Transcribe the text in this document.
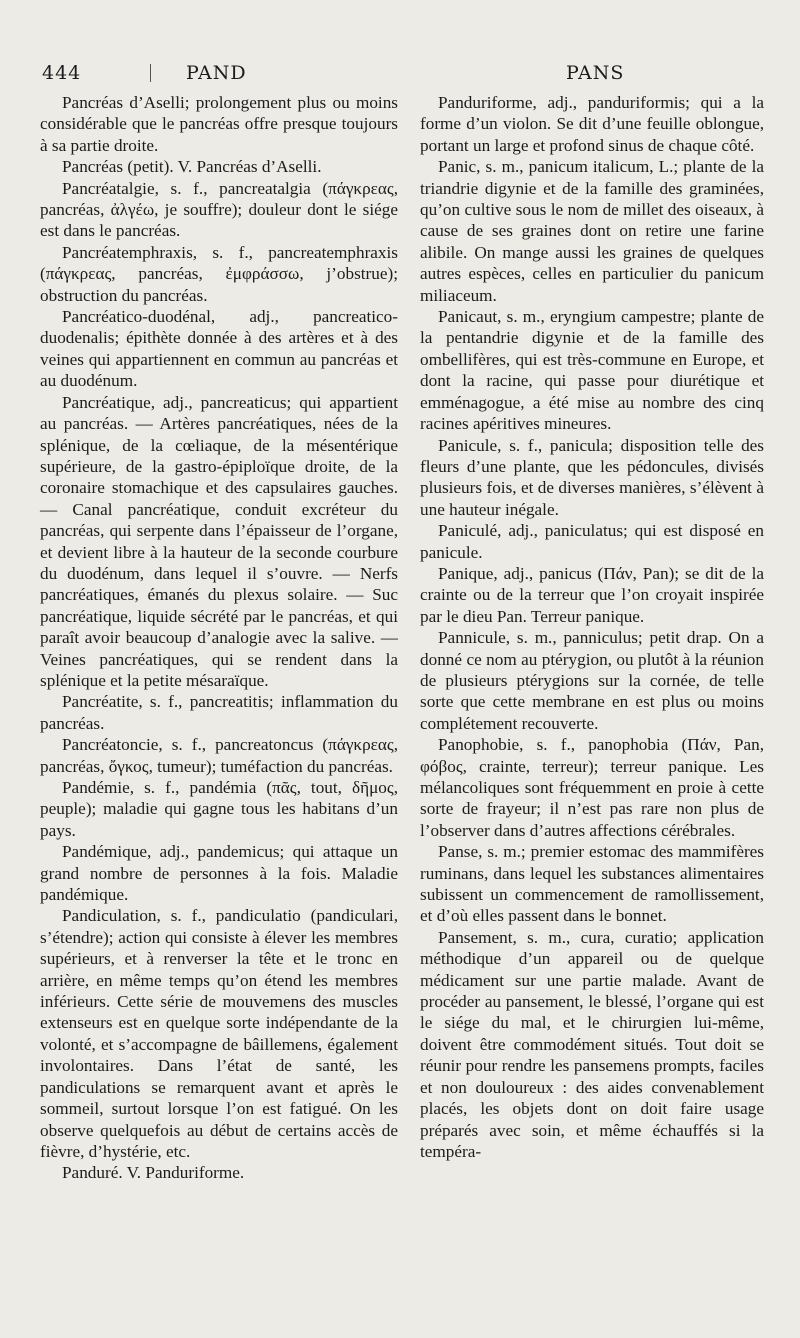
444	PAND	PANS

Pancréas d’Aselli; prolongement plus ou moins considérable que le pancréas offre presque toujours à sa partie droite.

Pancréas (petit). V. Pancréas d’Aselli.

Pancréatalgie, s. f., pancreatalgia (πάγκρεας, pancréas, ἀλγέω, je souffre); douleur dont le siége est dans le pancréas.

Pancréatemphraxis, s. f., pancreatemphraxis (πάγκρεας, pancréas, ἐμφράσσω, j’obstrue); obstruction du pancréas.

Pancréatico-duodénal, adj., pancreatico-duodenalis; épithète donnée à des artères et à des veines qui appartiennent en commun au pancréas et au duodénum.

Pancréatique, adj., pancreaticus; qui appartient au pancréas. — Artères pancréatiques, nées de la splénique, de la cœliaque, de la mésentérique supérieure, de la gastro-épiploïque droite, de la coronaire stomachique et des capsulaires gauches. — Canal pancréatique, conduit excréteur du pancréas, qui serpente dans l’épaisseur de l’organe, et devient libre à la hauteur de la seconde courbure du duodénum, dans lequel il s’ouvre. — Nerfs pancréatiques, émanés du plexus solaire. — Suc pancréatique, liquide sécrété par le pancréas, et qui paraît avoir beaucoup d’analogie avec la salive. — Veines pancréatiques, qui se rendent dans la splénique et la petite mésaraïque.

Pancréatite, s. f., pancreatitis; inflammation du pancréas.

Pancréatoncie, s. f., pancreatoncus (πάγκρεας, pancréas, ὄγκος, tumeur); tuméfaction du pancréas.

Pandémie, s. f., pandémia (πᾶς, tout, δῆμος, peuple); maladie qui gagne tous les habitans d’un pays.

Pandémique, adj., pandemicus; qui attaque un grand nombre de personnes à la fois. Maladie pandémique.

Pandiculation, s. f., pandiculatio (pandiculari, s’étendre); action qui consiste à élever les membres supérieurs, et à renverser la tête et le tronc en arrière, en même temps qu’on étend les membres inférieurs. Cette série de mouvemens des muscles extenseurs est en quelque sorte indépendante de la volonté, et s’accompagne de bâillemens, également involontaires. Dans l’état de santé, les pandiculations se remarquent avant et après le sommeil, surtout lorsque l’on est fatigué. On les observe quelquefois au début de certains accès de fièvre, d’hystérie, etc.

Panduré. V. Panduriforme.

Panduriforme, adj., panduriformis; qui a la forme d’un violon. Se dit d’une feuille oblongue, portant un large et profond sinus de chaque côté.

Panic, s. m., panicum italicum, L.; plante de la triandrie digynie et de la famille des graminées, qu’on cultive sous le nom de millet des oiseaux, à cause de ses graines dont on retire une farine alibile. On mange aussi les graines de quelques autres espèces, celles en particulier du panicum miliaceum.

Panicaut, s. m., eryngium campestre; plante de la pentandrie digynie et de la famille des ombellifères, qui est très-commune en Europe, et dont la racine, qui passe pour diurétique et emménagogue, a été mise au nombre des cinq racines apéritives mineures.

Panicule, s. f., panicula; disposition telle des fleurs d’une plante, que les pédoncules, divisés plusieurs fois, et de diverses manières, s’élèvent à une hauteur inégale.

Paniculé, adj., paniculatus; qui est disposé en panicule.

Panique, adj., panicus (Πάν, Pan); se dit de la crainte ou de la terreur que l’on croyait inspirée par le dieu Pan. Terreur panique.

Pannicule, s. m., panniculus; petit drap. On a donné ce nom au ptérygion, ou plutôt à la réunion de plusieurs ptérygions sur la cornée, de telle sorte que cette membrane en est plus ou moins complétement recouverte.

Panophobie, s. f., panophobia (Πάν, Pan, φόβος, crainte, terreur); terreur panique. Les mélancoliques sont fréquemment en proie à cette sorte de frayeur; il n’est pas rare non plus de l’observer dans d’autres affections cérébrales.

Panse, s. m.; premier estomac des mammifères ruminans, dans lequel les substances alimentaires subissent un commencement de ramollissement, et d’où elles passent dans le bonnet.

Pansement, s. m., cura, curatio; application méthodique d’un appareil ou de quelque médicament sur une partie malade. Avant de procéder au pansement, le blessé, l’organe qui est le siége du mal, et le chirurgien lui-même, doivent être commodément situés. Tout doit se réunir pour rendre les pansemens prompts, faciles et non douloureux : des aides convenablement placés, les objets dont on doit faire usage préparés avec soin, et même échauffés si la tempéra-
